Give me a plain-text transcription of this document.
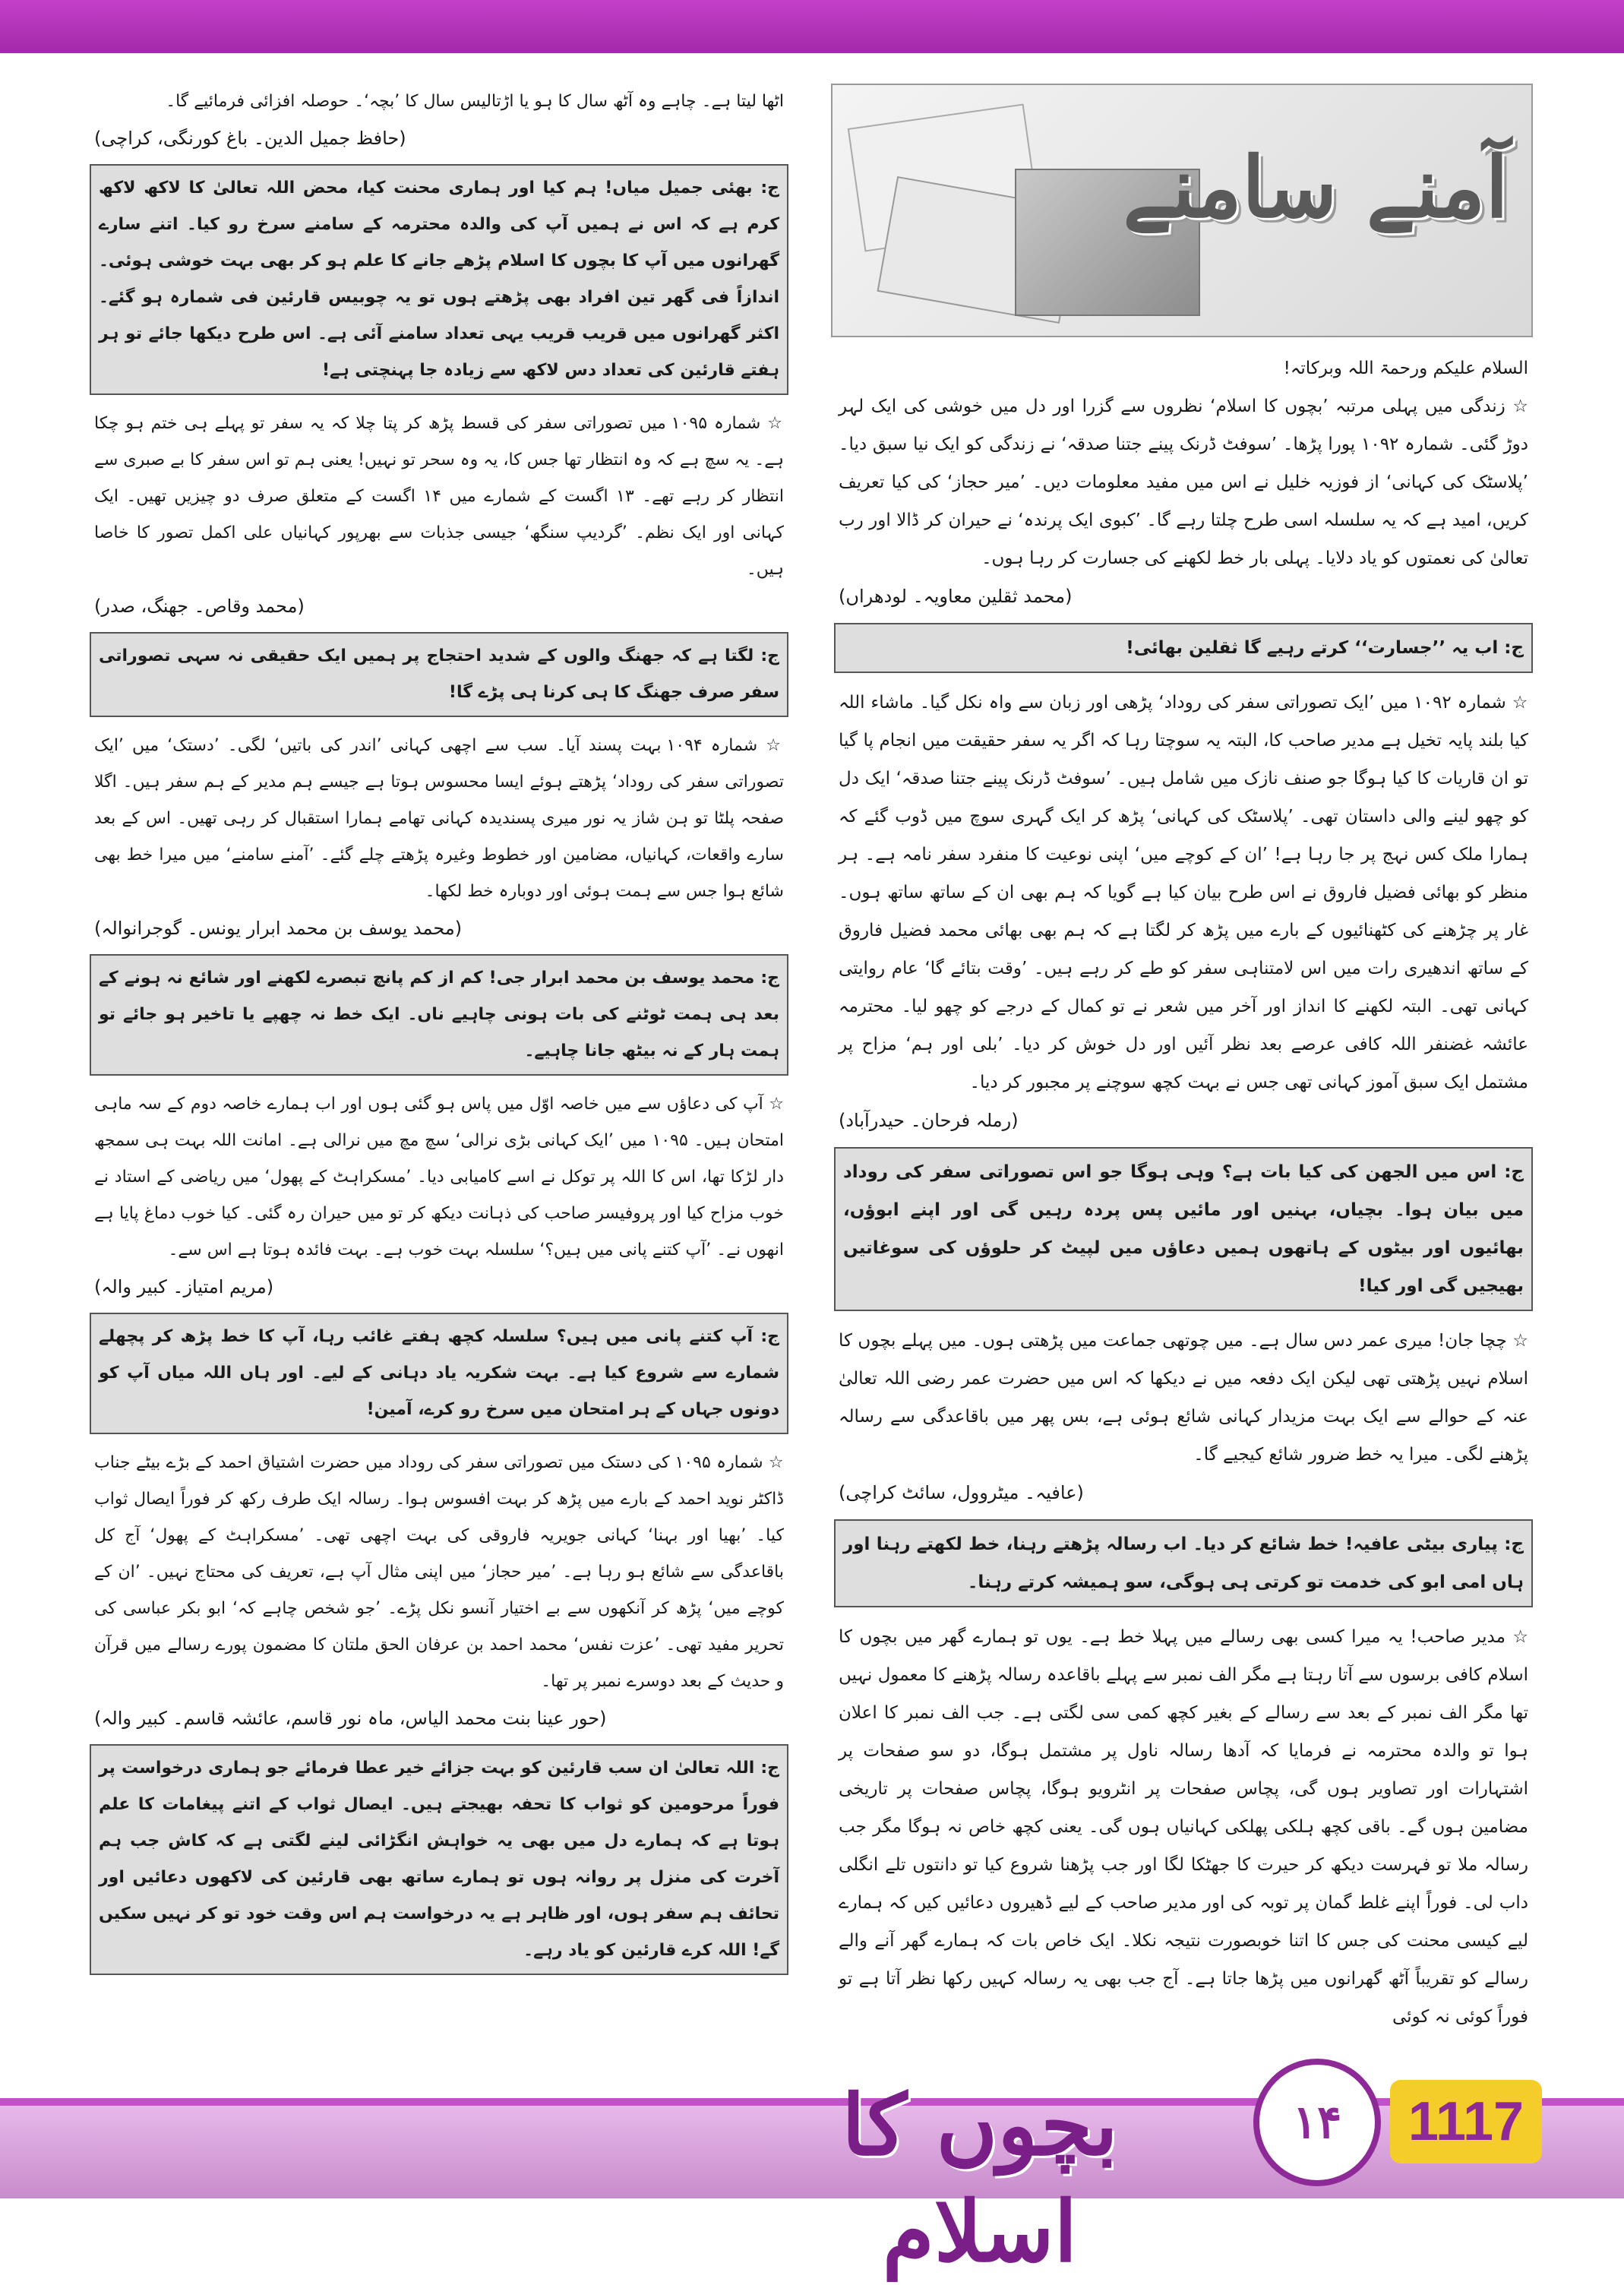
آمنے سامنے
السلام علیکم ورحمۃ اللہ وبرکاتہ!
☆ زندگی میں پہلی مرتبہ ’بچوں کا اسلام‘ نظروں سے گزرا اور دل میں خوشی کی ایک لہر دوڑ گئی۔ شمارہ ۱۰۹۲ پورا پڑھا۔ ’سوفٹ ڈرنک پینے جتنا صدقہ‘ نے زندگی کو ایک نیا سبق دیا۔ ’پلاسٹک کی کہانی‘ از فوزیہ خلیل نے اس میں مفید معلومات دیں۔ ’میر حجاز‘ کی کیا تعریف کریں، امید ہے کہ یہ سلسلہ اسی طرح چلتا رہے گا۔ ’کبوی ایک پرندہ‘ نے حیران کر ڈالا اور رب تعالیٰ کی نعمتوں کو یاد دلایا۔ پہلی بار خط لکھنے کی جسارت کر رہا ہوں۔
(محمد ثقلین معاویہ۔ لودھراں)
ج: اب یہ ’’جسارت‘‘ کرتے رہیے گا ثقلین بھائی!
☆ شمارہ ۱۰۹۲ میں ’ایک تصوراتی سفر کی روداد‘ پڑھی اور زبان سے واہ نکل گیا۔ ماشاء اللہ کیا بلند پایہ تخیل ہے مدیر صاحب کا، البتہ یہ سوچتا رہا کہ اگر یہ سفر حقیقت میں انجام پا گیا تو ان قاریات کا کیا ہوگا جو صنف نازک میں شامل ہیں۔ ’سوفٹ ڈرنک پینے جتنا صدقہ‘ ایک دل کو چھو لینے والی داستان تھی۔ ’پلاسٹک کی کہانی‘ پڑھ کر ایک گہری سوچ میں ڈوب گئے کہ ہمارا ملک کس نہج پر جا رہا ہے! ’ان کے کوچے میں‘ اپنی نوعیت کا منفرد سفر نامہ ہے۔ ہر منظر کو بھائی فضیل فاروق نے اس طرح بیان کیا ہے گویا کہ ہم بھی ان کے ساتھ ساتھ ہوں۔ غار پر چڑھنے کی کٹھنائیوں کے بارے میں پڑھ کر لگتا ہے کہ ہم بھی بھائی محمد فضیل فاروق کے ساتھ اندھیری رات میں اس لامتناہی سفر کو طے کر رہے ہیں۔ ’وقت بتائے گا‘ عام روایتی کہانی تھی۔ البتہ لکھنے کا انداز اور آخر میں شعر نے تو کمال کے درجے کو چھو لیا۔ محترمہ عائشہ غضنفر اللہ کافی عرصے بعد نظر آئیں اور دل خوش کر دیا۔ ’بلی اور ہم‘ مزاح پر مشتمل ایک سبق آموز کہانی تھی جس نے بہت کچھ سوچنے پر مجبور کر دیا۔
(رملہ فرحان۔ حیدرآباد)
ج: اس میں الجھن کی کیا بات ہے؟ وہی ہوگا جو اس تصوراتی سفر کی روداد میں بیان ہوا۔ بچیاں، بہنیں اور مائیں پس پردہ رہیں گی اور اپنے ابوؤں، بھائیوں اور بیٹوں کے ہاتھوں ہمیں دعاؤں میں لپیٹ کر حلوؤں کی سوغاتیں بھیجیں گی اور کیا!
☆ چچا جان! میری عمر دس سال ہے۔ میں چوتھی جماعت میں پڑھتی ہوں۔ میں پہلے بچوں کا اسلام نہیں پڑھتی تھی لیکن ایک دفعہ میں نے دیکھا کہ اس میں حضرت عمر رضی اللہ تعالیٰ عنہ کے حوالے سے ایک بہت مزیدار کہانی شائع ہوئی ہے، بس پھر میں باقاعدگی سے رسالہ پڑھنے لگی۔ میرا یہ خط ضرور شائع کیجیے گا۔
(عافیہ۔ میٹروول، سائٹ کراچی)
ج: پیاری بیٹی عافیہ! خط شائع کر دیا۔ اب رسالہ پڑھتے رہنا، خط لکھتے رہنا اور ہاں امی ابو کی خدمت تو کرتی ہی ہوگی، سو ہمیشہ کرتے رہنا۔
☆ مدیر صاحب! یہ میرا کسی بھی رسالے میں پہلا خط ہے۔ یوں تو ہمارے گھر میں بچوں کا اسلام کافی برسوں سے آتا رہتا ہے مگر الف نمبر سے پہلے باقاعدہ رسالہ پڑھنے کا معمول نہیں تھا مگر الف نمبر کے بعد سے رسالے کے بغیر کچھ کمی سی لگتی ہے۔ جب الف نمبر کا اعلان ہوا تو والدہ محترمہ نے فرمایا کہ آدھا رسالہ ناول پر مشتمل ہوگا، دو سو صفحات پر اشتہارات اور تصاویر ہوں گی، پچاس صفحات پر انٹرویو ہوگا، پچاس صفحات پر تاریخی مضامین ہوں گے۔ باقی کچھ ہلکی پھلکی کہانیاں ہوں گی۔ یعنی کچھ خاص نہ ہوگا مگر جب رسالہ ملا تو فہرست دیکھ کر حیرت کا جھٹکا لگا اور جب پڑھنا شروع کیا تو دانتوں تلے انگلی داب لی۔ فوراً اپنے غلط گمان پر توبہ کی اور مدیر صاحب کے لیے ڈھیروں دعائیں کیں کہ ہمارے لیے کیسی محنت کی جس کا اتنا خوبصورت نتیجہ نکلا۔ ایک خاص بات کہ ہمارے گھر آنے والے رسالے کو تقریباً آٹھ گھرانوں میں پڑھا جاتا ہے۔ آج جب بھی یہ رسالہ کہیں رکھا نظر آتا ہے تو فوراً کوئی نہ کوئی
اٹھا لیتا ہے۔ چاہے وہ آٹھ سال کا ہو یا اڑتالیس سال کا ’بچہ‘۔ حوصلہ افزائی فرمائیے گا۔
(حافظ جمیل الدین۔ باغ کورنگی، کراچی)
ج: بھئی جمیل میاں! ہم کیا اور ہماری محنت کیا، محض اللہ تعالیٰ کا لاکھ لاکھ کرم ہے کہ اس نے ہمیں آپ کی والدہ محترمہ کے سامنے سرخ رو کیا۔ اتنے سارے گھرانوں میں آپ کا بچوں کا اسلام پڑھے جانے کا علم ہو کر بھی بہت خوشی ہوئی۔ اندازاً فی گھر تین افراد بھی پڑھتے ہوں تو یہ چوبیس قارئین فی شمارہ ہو گئے۔ اکثر گھرانوں میں قریب قریب یہی تعداد سامنے آئی ہے۔ اس طرح دیکھا جائے تو ہر ہفتے قارئین کی تعداد دس لاکھ سے زیادہ جا پہنچتی ہے!
☆ شمارہ ۱۰۹۵ میں تصوراتی سفر کی قسط پڑھ کر پتا چلا کہ یہ سفر تو پہلے ہی ختم ہو چکا ہے۔ یہ سچ ہے کہ وہ انتظار تھا جس کا، یہ وہ سحر تو نہیں! یعنی ہم تو اس سفر کا بے صبری سے انتظار کر رہے تھے۔ ۱۳ اگست کے شمارے میں ۱۴ اگست کے متعلق صرف دو چیزیں تھیں۔ ایک کہانی اور ایک نظم۔ ’گردیپ سنگھ‘ جیسی جذبات سے بھرپور کہانیاں علی اکمل تصور کا خاصا ہیں۔
(محمد وقاص۔ جھنگ، صدر)
ج: لگتا ہے کہ جھنگ والوں کے شدید احتجاج پر ہمیں ایک حقیقی نہ سہی تصوراتی سفر صرف جھنگ کا ہی کرنا ہی پڑے گا!
☆ شمارہ ۱۰۹۴ بہت پسند آیا۔ سب سے اچھی کہانی ’اندر کی باتیں‘ لگی۔ ’دستک‘ میں ’ایک تصوراتی سفر کی روداد‘ پڑھتے ہوئے ایسا محسوس ہوتا ہے جیسے ہم مدیر کے ہم سفر ہیں۔ اگلا صفحہ پلٹا تو ہن شاز یہ نور میری پسندیدہ کہانی تھامے ہمارا استقبال کر رہی تھیں۔ اس کے بعد سارے واقعات، کہانیاں، مضامین اور خطوط وغیرہ پڑھتے چلے گئے۔ ’آمنے سامنے‘ میں میرا خط بھی شائع ہوا جس سے ہمت ہوئی اور دوبارہ خط لکھا۔
(محمد یوسف بن محمد ابرار یونس۔ گوجرانوالہ)
ج: محمد یوسف بن محمد ابرار جی! کم از کم پانچ تبصرے لکھنے اور شائع نہ ہونے کے بعد ہی ہمت ٹوٹنے کی بات ہونی چاہیے ناں۔ ایک خط نہ چھپے یا تاخیر ہو جائے تو ہمت ہار کے نہ بیٹھ جانا چاہیے۔
☆ آپ کی دعاؤں سے میں خاصہ اوّل میں پاس ہو گئی ہوں اور اب ہمارے خاصہ دوم کے سہ ماہی امتحان ہیں۔ ۱۰۹۵ میں ’ایک کہانی بڑی نرالی‘ سچ مچ میں نرالی ہے۔ امانت اللہ بہت ہی سمجھ دار لڑکا تھا، اس کا اللہ پر توکل نے اسے کامیابی دیا۔ ’مسکراہٹ کے پھول‘ میں ریاضی کے استاد نے خوب مزاح کیا اور پروفیسر صاحب کی ذہانت دیکھ کر تو میں حیران رہ گئی۔ کیا خوب دماغ پایا ہے انھوں نے۔ ’آپ کتنے پانی میں ہیں؟‘ سلسلہ بہت خوب ہے۔ بہت فائدہ ہوتا ہے اس سے۔
(مریم امتیاز۔ کبیر والہ)
ج: آپ کتنے پانی میں ہیں؟ سلسلہ کچھ ہفتے غائب رہا، آپ کا خط پڑھ کر پچھلے شمارے سے شروع کیا ہے۔ بہت شکریہ یاد دہانی کے لیے۔ اور ہاں اللہ میاں آپ کو دونوں جہاں کے ہر امتحان میں سرخ رو کرے، آمین!
☆ شمارہ ۱۰۹۵ کی دستک میں تصوراتی سفر کی روداد میں حضرت اشتیاق احمد کے بڑے بیٹے جناب ڈاکٹر نوید احمد کے بارے میں پڑھ کر بہت افسوس ہوا۔ رسالہ ایک طرف رکھ کر فوراً ایصال ثواب کیا۔ ’بھیا اور بہنا‘ کہانی جویریہ فاروقی کی بہت اچھی تھی۔ ’مسکراہٹ کے پھول‘ آج کل باقاعدگی سے شائع ہو رہا ہے۔ ’میر حجاز‘ میں اپنی مثال آپ ہے، تعریف کی محتاج نہیں۔ ’ان کے کوچے میں‘ پڑھ کر آنکھوں سے بے اختیار آنسو نکل پڑے۔ ’جو شخص چاہے کہ‘ ابو بکر عباسی کی تحریر مفید تھی۔ ’عزت نفس‘ محمد احمد بن عرفان الحق ملتان کا مضمون پورے رسالے میں قرآن و حدیث کے بعد دوسرے نمبر پر تھا۔
(حور عینا بنت محمد الیاس، ماہ نور قاسم، عائشہ قاسم۔ کبیر والہ)
ج: اللہ تعالیٰ ان سب قارئین کو بہت جزائے خیر عطا فرمائے جو ہماری درخواست پر فوراً مرحومین کو ثواب کا تحفہ بھیجتے ہیں۔ ایصال ثواب کے اتنے پیغامات کا علم ہوتا ہے کہ ہمارے دل میں بھی یہ خواہش انگڑائی لینے لگتی ہے کہ کاش جب ہم آخرت کی منزل پر روانہ ہوں تو ہمارے ساتھ بھی قارئین کی لاکھوں دعائیں اور تحائف ہم سفر ہوں، اور ظاہر ہے یہ درخواست ہم اس وقت خود تو کر نہیں سکیں گے! اللہ کرے قارئین کو یاد رہے۔
بچوں کا اسلام
۱۴	1117
